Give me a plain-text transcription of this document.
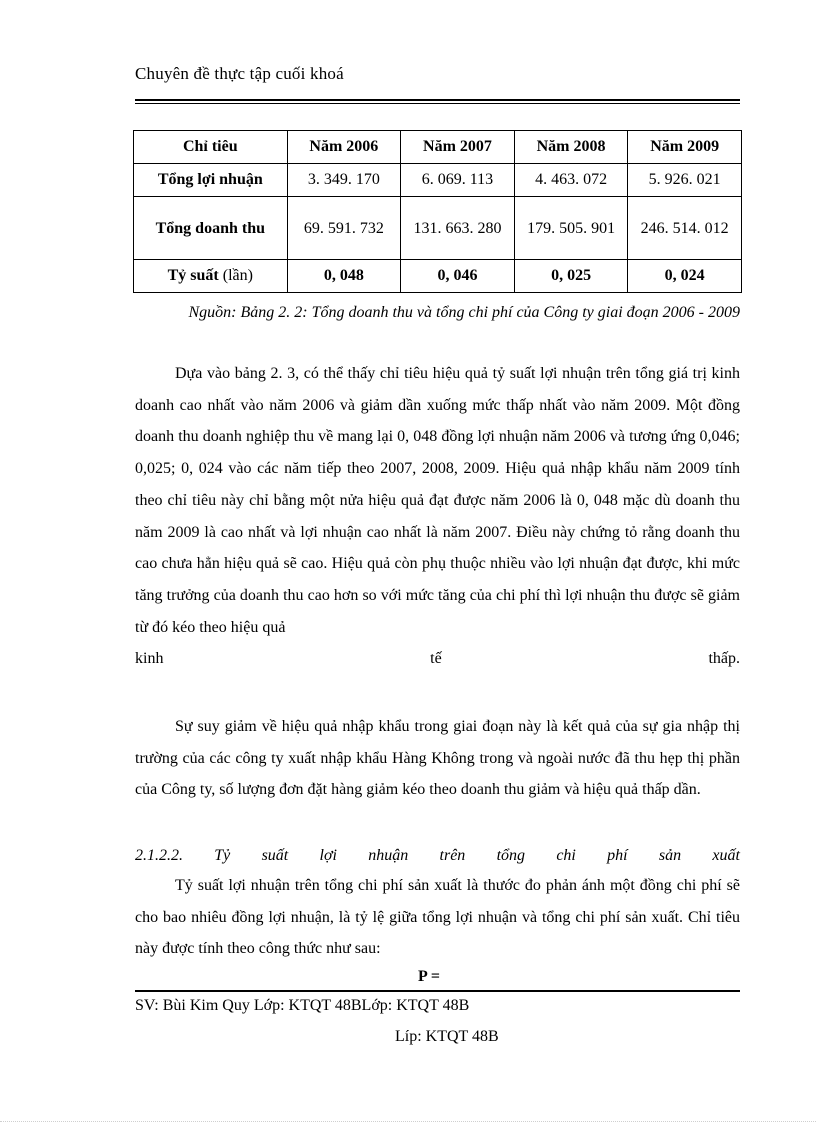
Chuyên đề thực tập cuối khoá
Chỉ tiêu	Năm 2006	Năm 2007	Năm 2008	Năm 2009
Tổng lợi nhuận	3. 349. 170	6. 069. 113	4. 463. 072	5. 926. 021
Tổng doanh thu	69. 591. 732	131. 663. 280	179. 505. 901	246. 514. 012
Tỷ suất (lần)	0, 048	0, 046	0, 025	0, 024
Nguồn: Bảng 2. 2: Tổng doanh thu và tổng chi phí của Công ty giai đoạn 2006 - 2009
Dựa vào bảng 2. 3, có thể thấy chỉ tiêu hiệu quả tỷ suất lợi nhuận trên tổng giá trị kinh doanh cao nhất vào năm 2006 và giảm dần xuống mức thấp nhất vào năm 2009. Một đồng doanh thu doanh nghiệp thu về mang lại 0, 048 đồng lợi nhuận năm 2006 và tương ứng 0,046; 0,025; 0, 024 vào các năm tiếp theo 2007, 2008, 2009. Hiệu quả nhập khẩu năm 2009 tính theo chỉ tiêu này chỉ bằng một nửa hiệu quả đạt được năm 2006 là 0, 048 mặc dù doanh thu năm 2009 là cao nhất và lợi nhuận cao nhất là năm 2007. Điều này chứng tỏ rằng doanh thu cao chưa hẳn hiệu quả sẽ cao. Hiệu quả còn phụ thuộc nhiều vào lợi nhuận đạt được, khi mức tăng trưởng của doanh thu cao hơn so với mức tăng của chi phí thì lợi nhuận thu được sẽ giảm từ đó kéo theo hiệu quả
kinh	tế	thấp.
Sự suy giảm về hiệu quả nhập khẩu trong giai đoạn này là kết quả của sự gia nhập thị trường của các công ty xuất nhập khẩu Hàng Không trong và ngoài nước đã thu hẹp thị phần của Công ty, số lượng đơn đặt hàng giảm kéo theo doanh thu giảm và hiệu quả thấp dần.
2.1.2.2. Tỷ suất lợi nhuận trên tổng chi phí sản xuất
Tỷ suất lợi nhuận trên tổng chi phí sản xuất là thước đo phản ánh một đồng chi phí sẽ cho bao nhiêu đồng lợi nhuận, là tỷ lệ giữa tổng lợi nhuận và tổng chi phí sản xuất. Chỉ tiêu này được tính theo công thức như sau:
P =
SV: Bùi Kim Quy Lớp: KTQT 48BLớp: KTQT 48B
Líp: KTQT 48B
